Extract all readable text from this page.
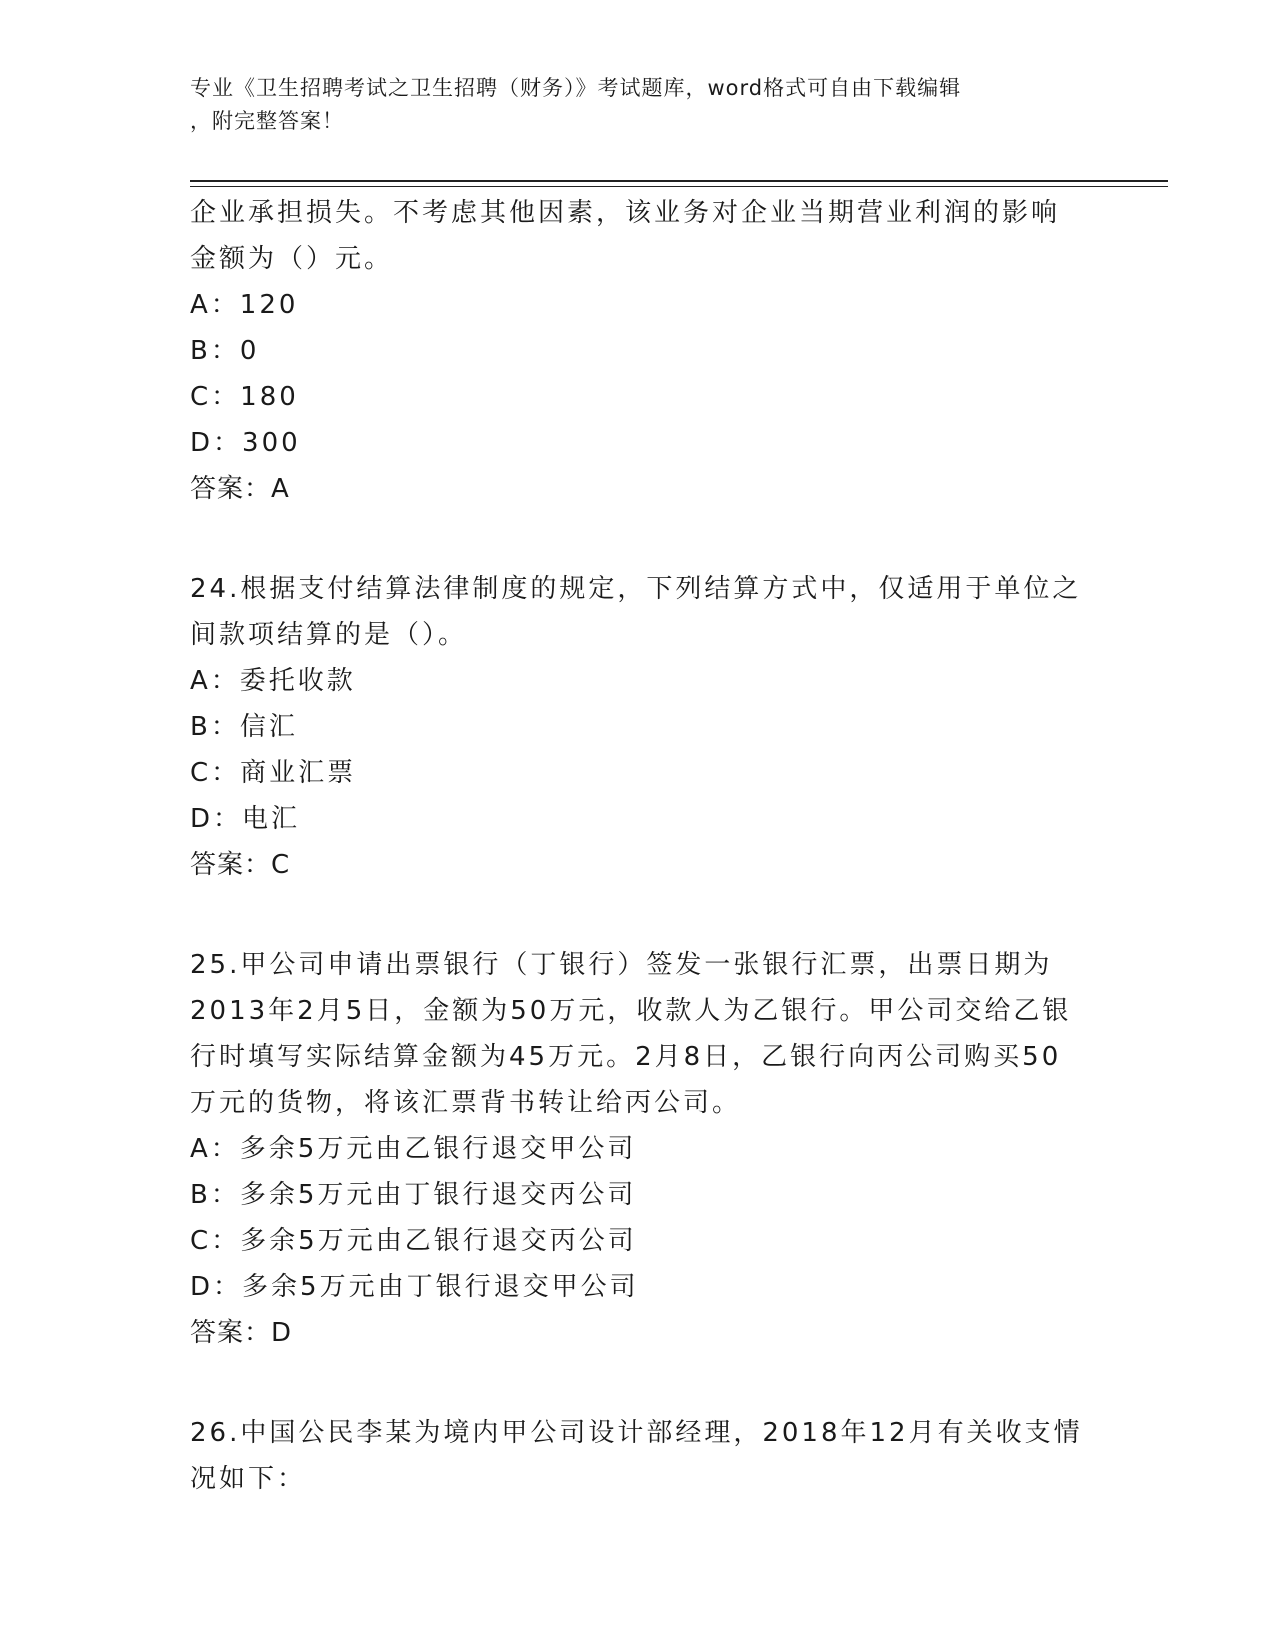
专业《卫生招聘考试之卫生招聘（财务）》考试题库，word格式可自由下载编辑
，附完整答案！
企业承担损失。不考虑其他因素，该业务对企业当期营业利润的影响
金额为（）元。
A：120
B：0
C：180
D：300
答案：A
24.根据支付结算法律制度的规定，下列结算方式中，仅适用于单位之
间款项结算的是（）。
A：委托收款
B：信汇
C：商业汇票
D：电汇
答案：C
25.甲公司申请出票银行（丁银行）签发一张银行汇票，出票日期为
2013年2月5日，金额为50万元，收款人为乙银行。甲公司交给乙银
行时填写实际结算金额为45万元。2月8日，乙银行向丙公司购买50
万元的货物，将该汇票背书转让给丙公司。
A：多余5万元由乙银行退交甲公司
B：多余5万元由丁银行退交丙公司
C：多余5万元由乙银行退交丙公司
D：多余5万元由丁银行退交甲公司
答案：D
26.中国公民李某为境内甲公司设计部经理，2018年12月有关收支情
况如下：
